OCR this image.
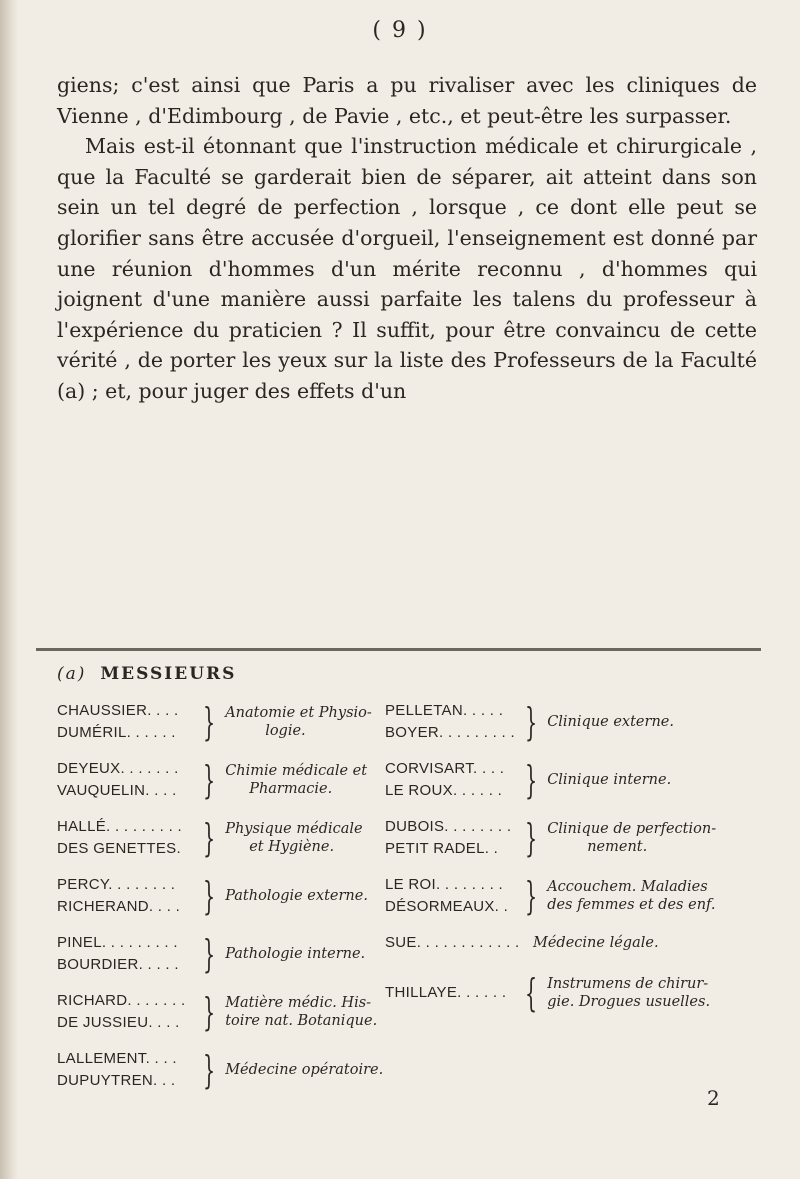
( 9 )

giens; c'est ainsi que Paris a pu rivaliser avec les cliniques de Vienne , d'Edimbourg , de Pavie , etc., et peut-être les surpasser.

Mais est-il étonnant que l'instruction médicale et chirurgicale , que la Faculté se garderait bien de séparer, ait atteint dans son sein un tel degré de perfection , lorsque , ce dont elle peut se glorifier sans être accusée d'orgueil, l'enseignement est donné par une réunion d'hommes d'un mérite reconnu , d'hommes qui joignent d'une manière aussi parfaite les talens du professeur à l'expérience du praticien ? Il suffit, pour être convaincu de cette vérité , de porter les yeux sur la liste des Professeurs de la Faculté (a) ; et, pour juger des effets d'un

(a) MESSIEURS
CHAUSSIER. . . .
DUMÉRIL. . . . . . } Anatomie et Physio-
logie.
DEYEUX. . . . . . .
VAUQUELIN. . . . } Chimie médicale et
Pharmacie.
HALLÉ. . . . . . . . .
DES GENETTES. } Physique médicale
et Hygiène.
PERCY. . . . . . . .
RICHERAND. . . . } Pathologie externe.
PINEL. . . . . . . . .
BOURDIER. . . . . } Pathologie interne.
RICHARD. . . . . . .
DE JUSSIEU. . . . } Matière médic. His-
toire nat. Botanique.
LALLEMENT. . . .
DUPUYTREN. . . } Médecine opératoire.
PELLETAN. . . . .
BOYER. . . . . . . . . } Clinique externe.
CORVISART. . . .
LE ROUX. . . . . . } Clinique interne.
DUBOIS. . . . . . . .
PETIT RADEL. . } Clinique de perfection-
nement.
LE ROI. . . . . . . .
DÉSORMEAUX. . } Accouchem. Maladies
des femmes et des enf.
SUE. . . . . . . . . . . . Médecine légale.
THILLAYE. . . . . . { Instrumens de chirur-
gie. Drogues usuelles.
2
